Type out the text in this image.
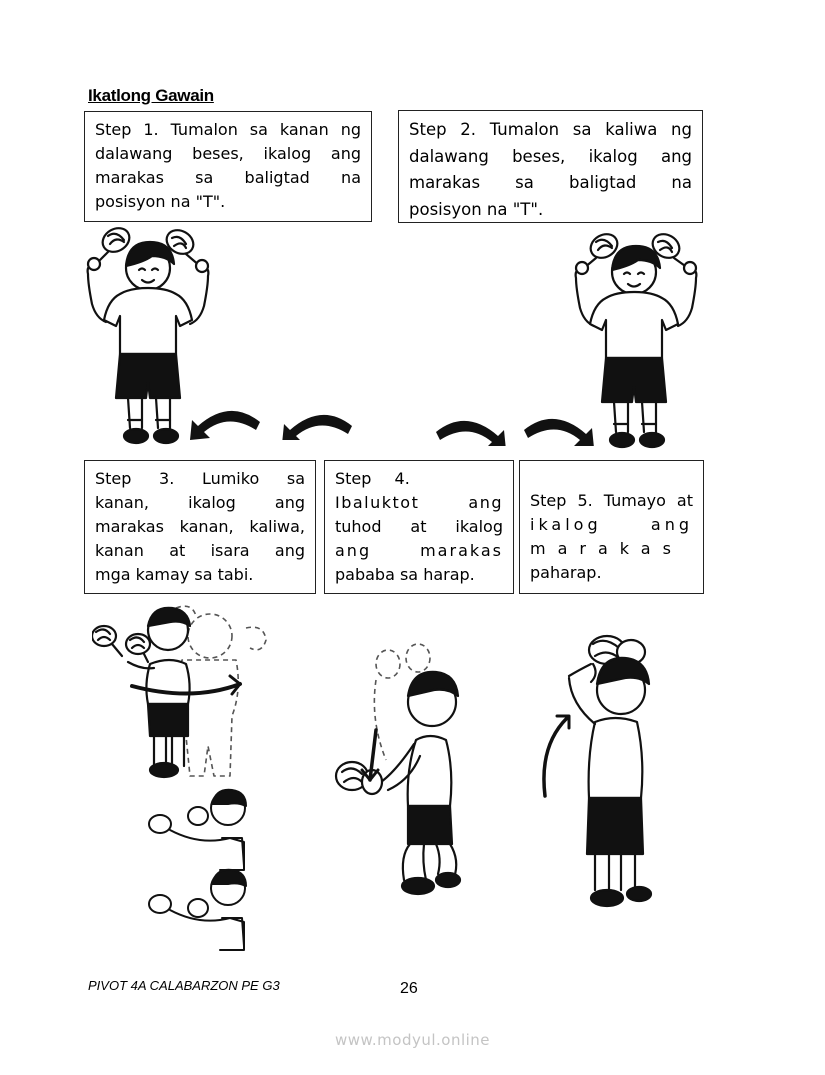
Ikatlong Gawain
Step 1. Tumalon sa kanan ng
dalawang beses, ikalog ang
marakas sa baligtad na
posisyon na "T".
Step 2. Tumalon sa kaliwa ng
dalawang beses, ikalog ang
marakas sa baligtad na
posisyon na "T".
Step 3. Lumiko sa
kanan, ikalog ang
marakas kanan, kaliwa,
kanan at isara ang
mga kamay sa tabi.
Step 4.
Ibaluktot ang
tuhod at ikalog
ang marakas
pababa sa harap.
Step 5. Tumayo at
ikalog ang
marakas
paharap.
PIVOT 4A CALABARZON PE G3	26
www.modyul.online
